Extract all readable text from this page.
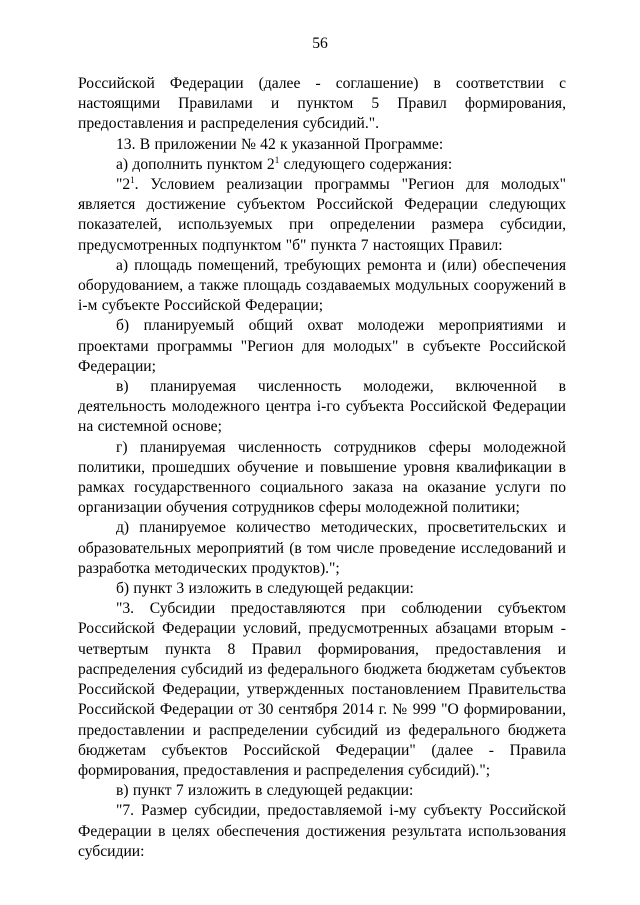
56

Российской Федерации (далее - соглашение) в соответствии с настоящими Правилами и пунктом 5 Правил формирования, предоставления и распределения субсидий.".

13. В приложении № 42 к указанной Программе:

а) дополнить пунктом $2^1$ следующего содержания:

"$2^1$. Условием реализации программы "Регион для молодых" является достижение субъектом Российской Федерации следующих показателей, используемых при определении размера субсидии, предусмотренных подпунктом "б" пункта 7 настоящих Правил:

а) площадь помещений, требующих ремонта и (или) обеспечения оборудованием, а также площадь создаваемых модульных сооружений в i-м субъекте Российской Федерации;

б) планируемый общий охват молодежи мероприятиями и проектами программы "Регион для молодых" в субъекте Российской Федерации;

в) планируемая численность молодежи, включенной в деятельность молодежного центра i-го субъекта Российской Федерации на системной основе;

г) планируемая численность сотрудников сферы молодежной политики, прошедших обучение и повышение уровня квалификации в рамках государственного социального заказа на оказание услуги по организации обучения сотрудников сферы молодежной политики;

д) планируемое количество методических, просветительских и образовательных мероприятий (в том числе проведение исследований и разработка методических продуктов).";

б) пункт 3 изложить в следующей редакции:

"3. Субсидии предоставляются при соблюдении субъектом Российской Федерации условий, предусмотренных абзацами вторым - четвертым пункта 8 Правил формирования, предоставления и распределения субсидий из федерального бюджета бюджетам субъектов Российской Федерации, утвержденных постановлением Правительства Российской Федерации от 30 сентября 2014 г. № 999 "О формировании, предоставлении и распределении субсидий из федерального бюджета бюджетам субъектов Российской Федерации" (далее - Правила формирования, предоставления и распределения субсидий).";

в) пункт 7 изложить в следующей редакции:

"7. Размер субсидии, предоставляемой i-му субъекту Российской Федерации в целях обеспечения достижения результата использования субсидии:
